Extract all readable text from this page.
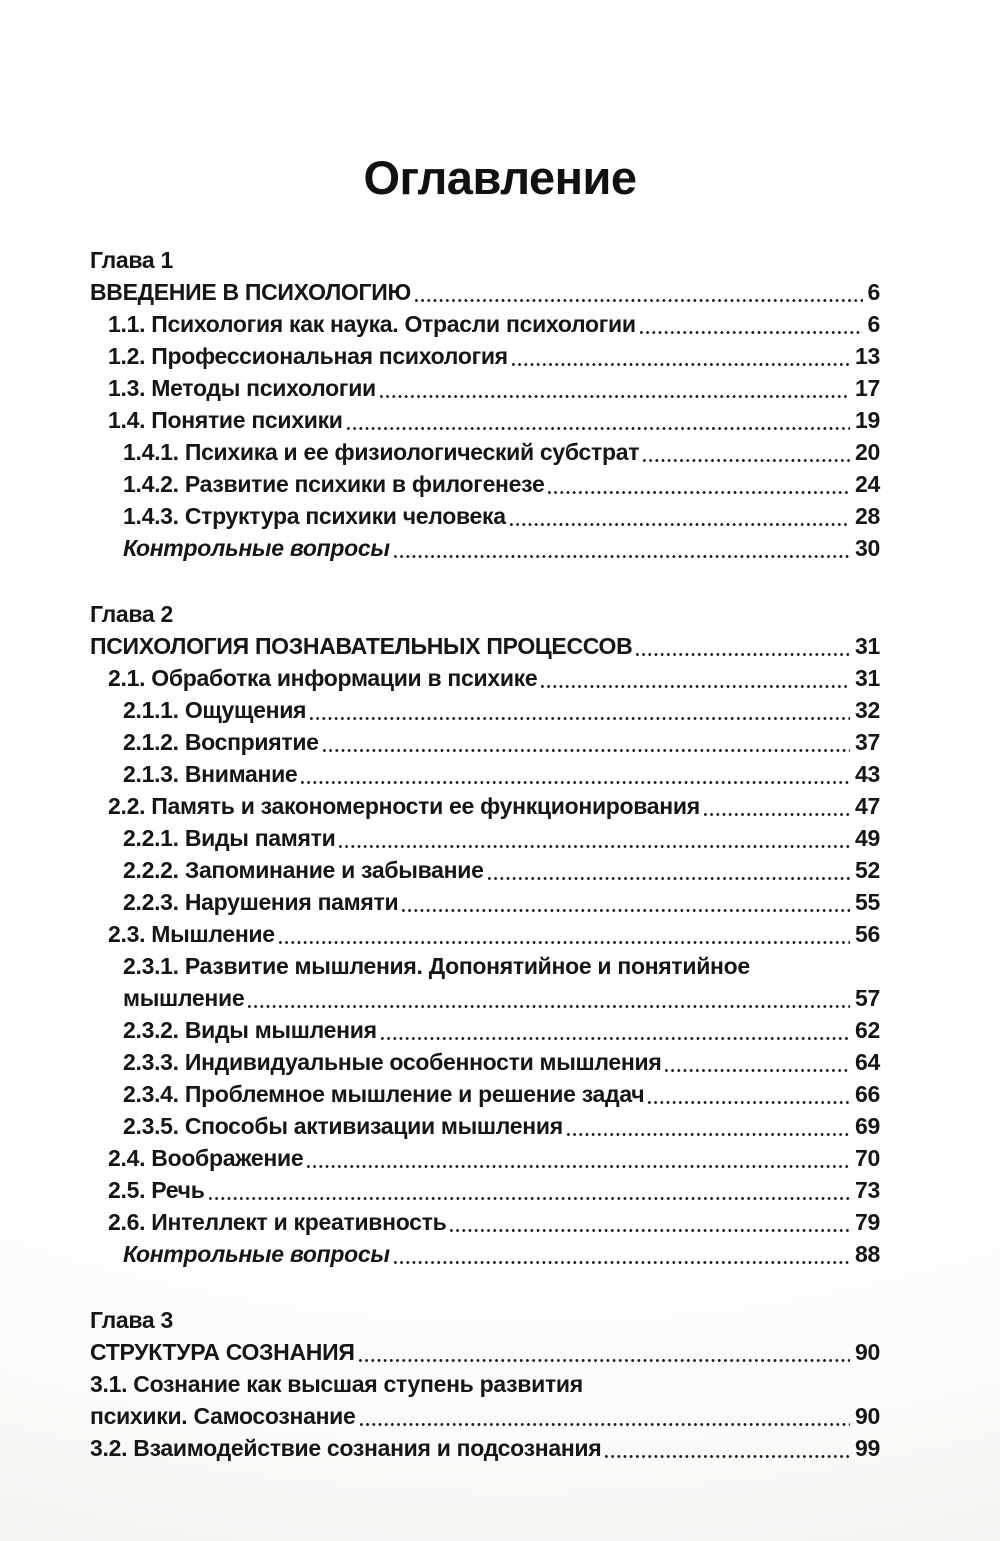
Оглавление
Глава 1
ВВЕДЕНИЕ В ПСИХОЛОГИЮ	6
1.1. Психология как наука. Отрасли психологии	6
1.2. Профессиональная психология	13
1.3. Методы психологии	17
1.4. Понятие психики	19
1.4.1. Психика и ее физиологический субстрат	20
1.4.2. Развитие психики в филогенезе	24
1.4.3. Структура психики человека	28
Контрольные вопросы	30
Глава 2
ПСИХОЛОГИЯ ПОЗНАВАТЕЛЬНЫХ ПРОЦЕССОВ	31
2.1. Обработка информации в психике	31
2.1.1. Ощущения	32
2.1.2. Восприятие	37
2.1.3. Внимание	43
2.2. Память и закономерности ее функционирования	47
2.2.1. Виды памяти	49
2.2.2. Запоминание и забывание	52
2.2.3. Нарушения памяти	55
2.3. Мышление	56
2.3.1. Развитие мышления. Допонятийное и понятийное
мышление	57
2.3.2. Виды мышления	62
2.3.3. Индивидуальные особенности мышления	64
2.3.4. Проблемное мышление и решение задач	66
2.3.5. Способы активизации мышления	69
2.4. Воображение	70
2.5. Речь	73
2.6. Интеллект и креативность	79
Контрольные вопросы	88
Глава 3
СТРУКТУРА СОЗНАНИЯ	90
3.1. Сознание как высшая ступень развития
психики. Самосознание	90
3.2. Взаимодействие сознания и подсознания	99
